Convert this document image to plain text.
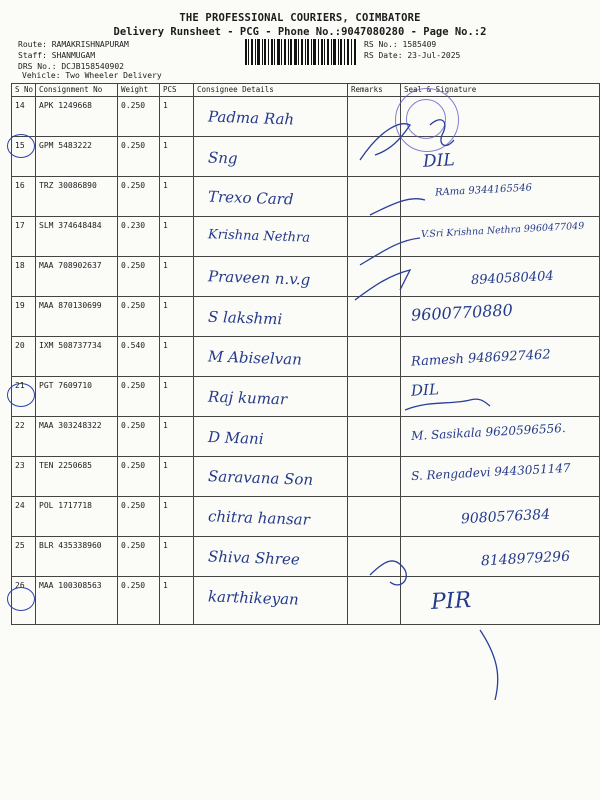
THE PROFESSIONAL COURIERS, COIMBATORE
Delivery Runsheet - PCG - Phone No.:9047080280 - Page No.:2
Route: RAMAKRISHNAPURAM
Staff: SHANMUGAM
DRS No.: DCJB158540902
Vehicle: Two Wheeler Delivery
RS No.: 1585409
RS Date: 23-Jul-2025
S No	Consignment No	Weight	PCS	Consignee Details	Remarks	Seal & Signature
14	APK 1249668	0.250	1	Padma Rah		

15	GPM 5483222	0.250	1	Sng		DIL

16	TRZ 30086890	0.250	1	Trexo Card		RAma 9344165546

17	SLM 374648484	0.230	1	Krishna Nethra		V.Sri Krishna Nethra 9960477049

18	MAA 708902637	0.250	1	Praveen n.v.g		8940580404

19	MAA 870130699	0.250	1	S lakshmi		9600770880

20	IXM 508737734	0.540	1	M Abiselvan		Ramesh 9486927462

21	PGT 7609710	0.250	1	Raj kumar		DIL

22	MAA 303248322	0.250	1	D Mani		M. Sasikala 9620596556.

23	TEN 2250685	0.250	1	Saravana Son		S. Rengadevi 9443051147

24	POL 1717718	0.250	1	chitra hansar		9080576384

25	BLR 435338960	0.250	1	Shiva Shree		8148979296

26	MAA 100308563	0.250	1	karthikeyan		PIR
